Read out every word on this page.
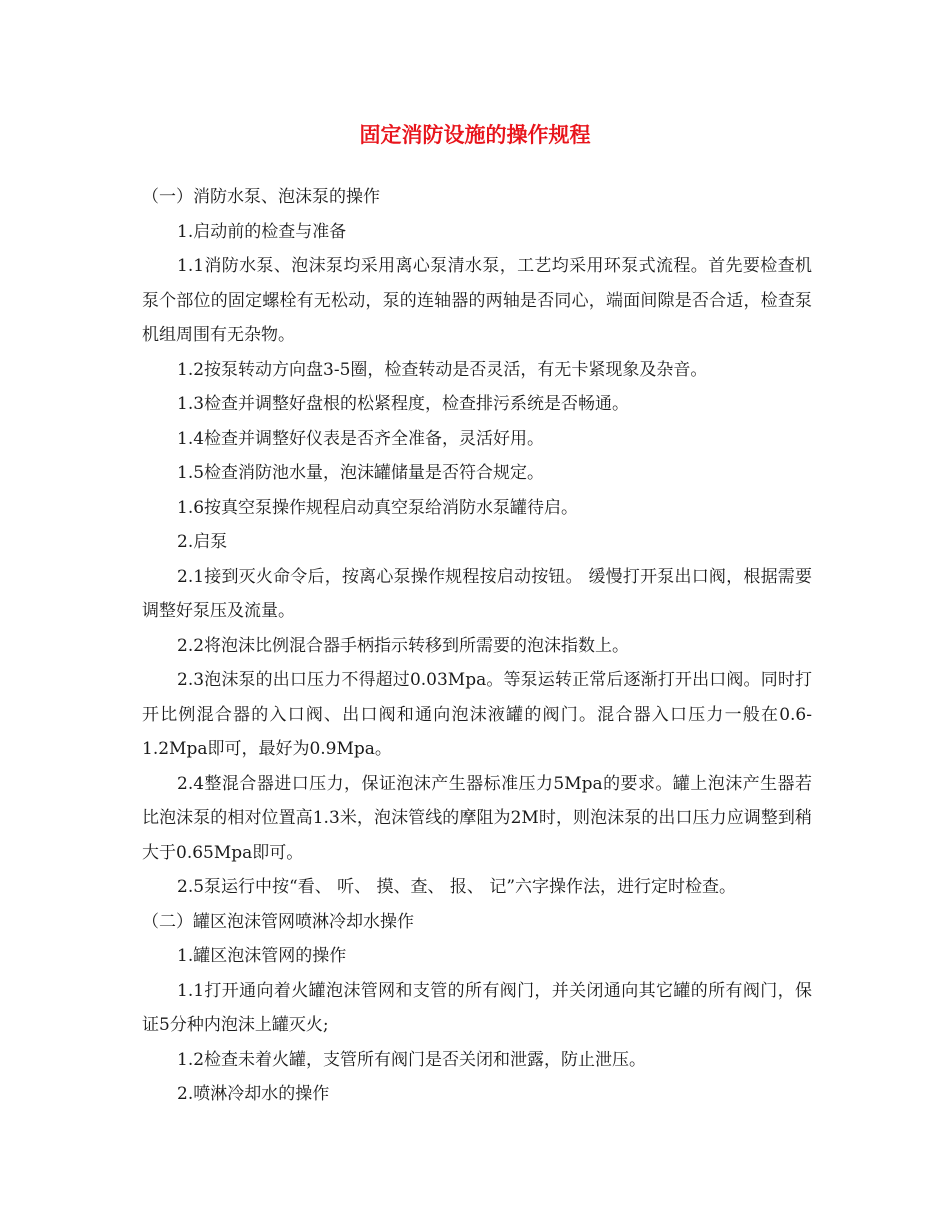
固定消防设施的操作规程

（一）消防水泵、泡沫泵的操作

1.启动前的检查与准备

1.1消防水泵、泡沫泵均采用离心泵清水泵，工艺均采用环泵式流程。首先要检查机泵个部位的固定螺栓有无松动，泵的连轴器的两轴是否同心，端面间隙是否合适，检查泵机组周围有无杂物。

1.2按泵转动方向盘3-5圈，检查转动是否灵活，有无卡紧现象及杂音。

1.3检查并调整好盘根的松紧程度，检查排污系统是否畅通。

1.4检查并调整好仪表是否齐全准备，灵活好用。

1.5检查消防池水量，泡沫罐储量是否符合规定。

1.6按真空泵操作规程启动真空泵给消防水泵罐待启。

2.启泵

2.1接到灭火命令后，按离心泵操作规程按启动按钮。 缓慢打开泵出口阀，根据需要调整好泵压及流量。

2.2将泡沫比例混合器手柄指示转移到所需要的泡沫指数上。

2.3泡沫泵的出口压力不得超过0.03Mpa。等泵运转正常后逐渐打开出口阀。同时打开比例混合器的入口阀、出口阀和通向泡沫液罐的阀门。混合器入口压力一般在0.6-1.2Mpa即可，最好为0.9Mpa。

2.4整混合器进口压力，保证泡沫产生器标准压力5Mpa的要求。罐上泡沫产生器若比泡沫泵的相对位置高1.3米，泡沫管线的摩阻为2M时，则泡沫泵的出口压力应调整到稍大于0.65Mpa即可。

2.5泵运行中按“看、 听、 摸、查、 报、 记”六字操作法，进行定时检查。

（二）罐区泡沫管网喷淋冷却水操作

1.罐区泡沫管网的操作

1.1打开通向着火罐泡沫管网和支管的所有阀门，并关闭通向其它罐的所有阀门，保证5分种内泡沫上罐灭火;

1.2检查未着火罐，支管所有阀门是否关闭和泄露，防止泄压。

2.喷淋冷却水的操作
